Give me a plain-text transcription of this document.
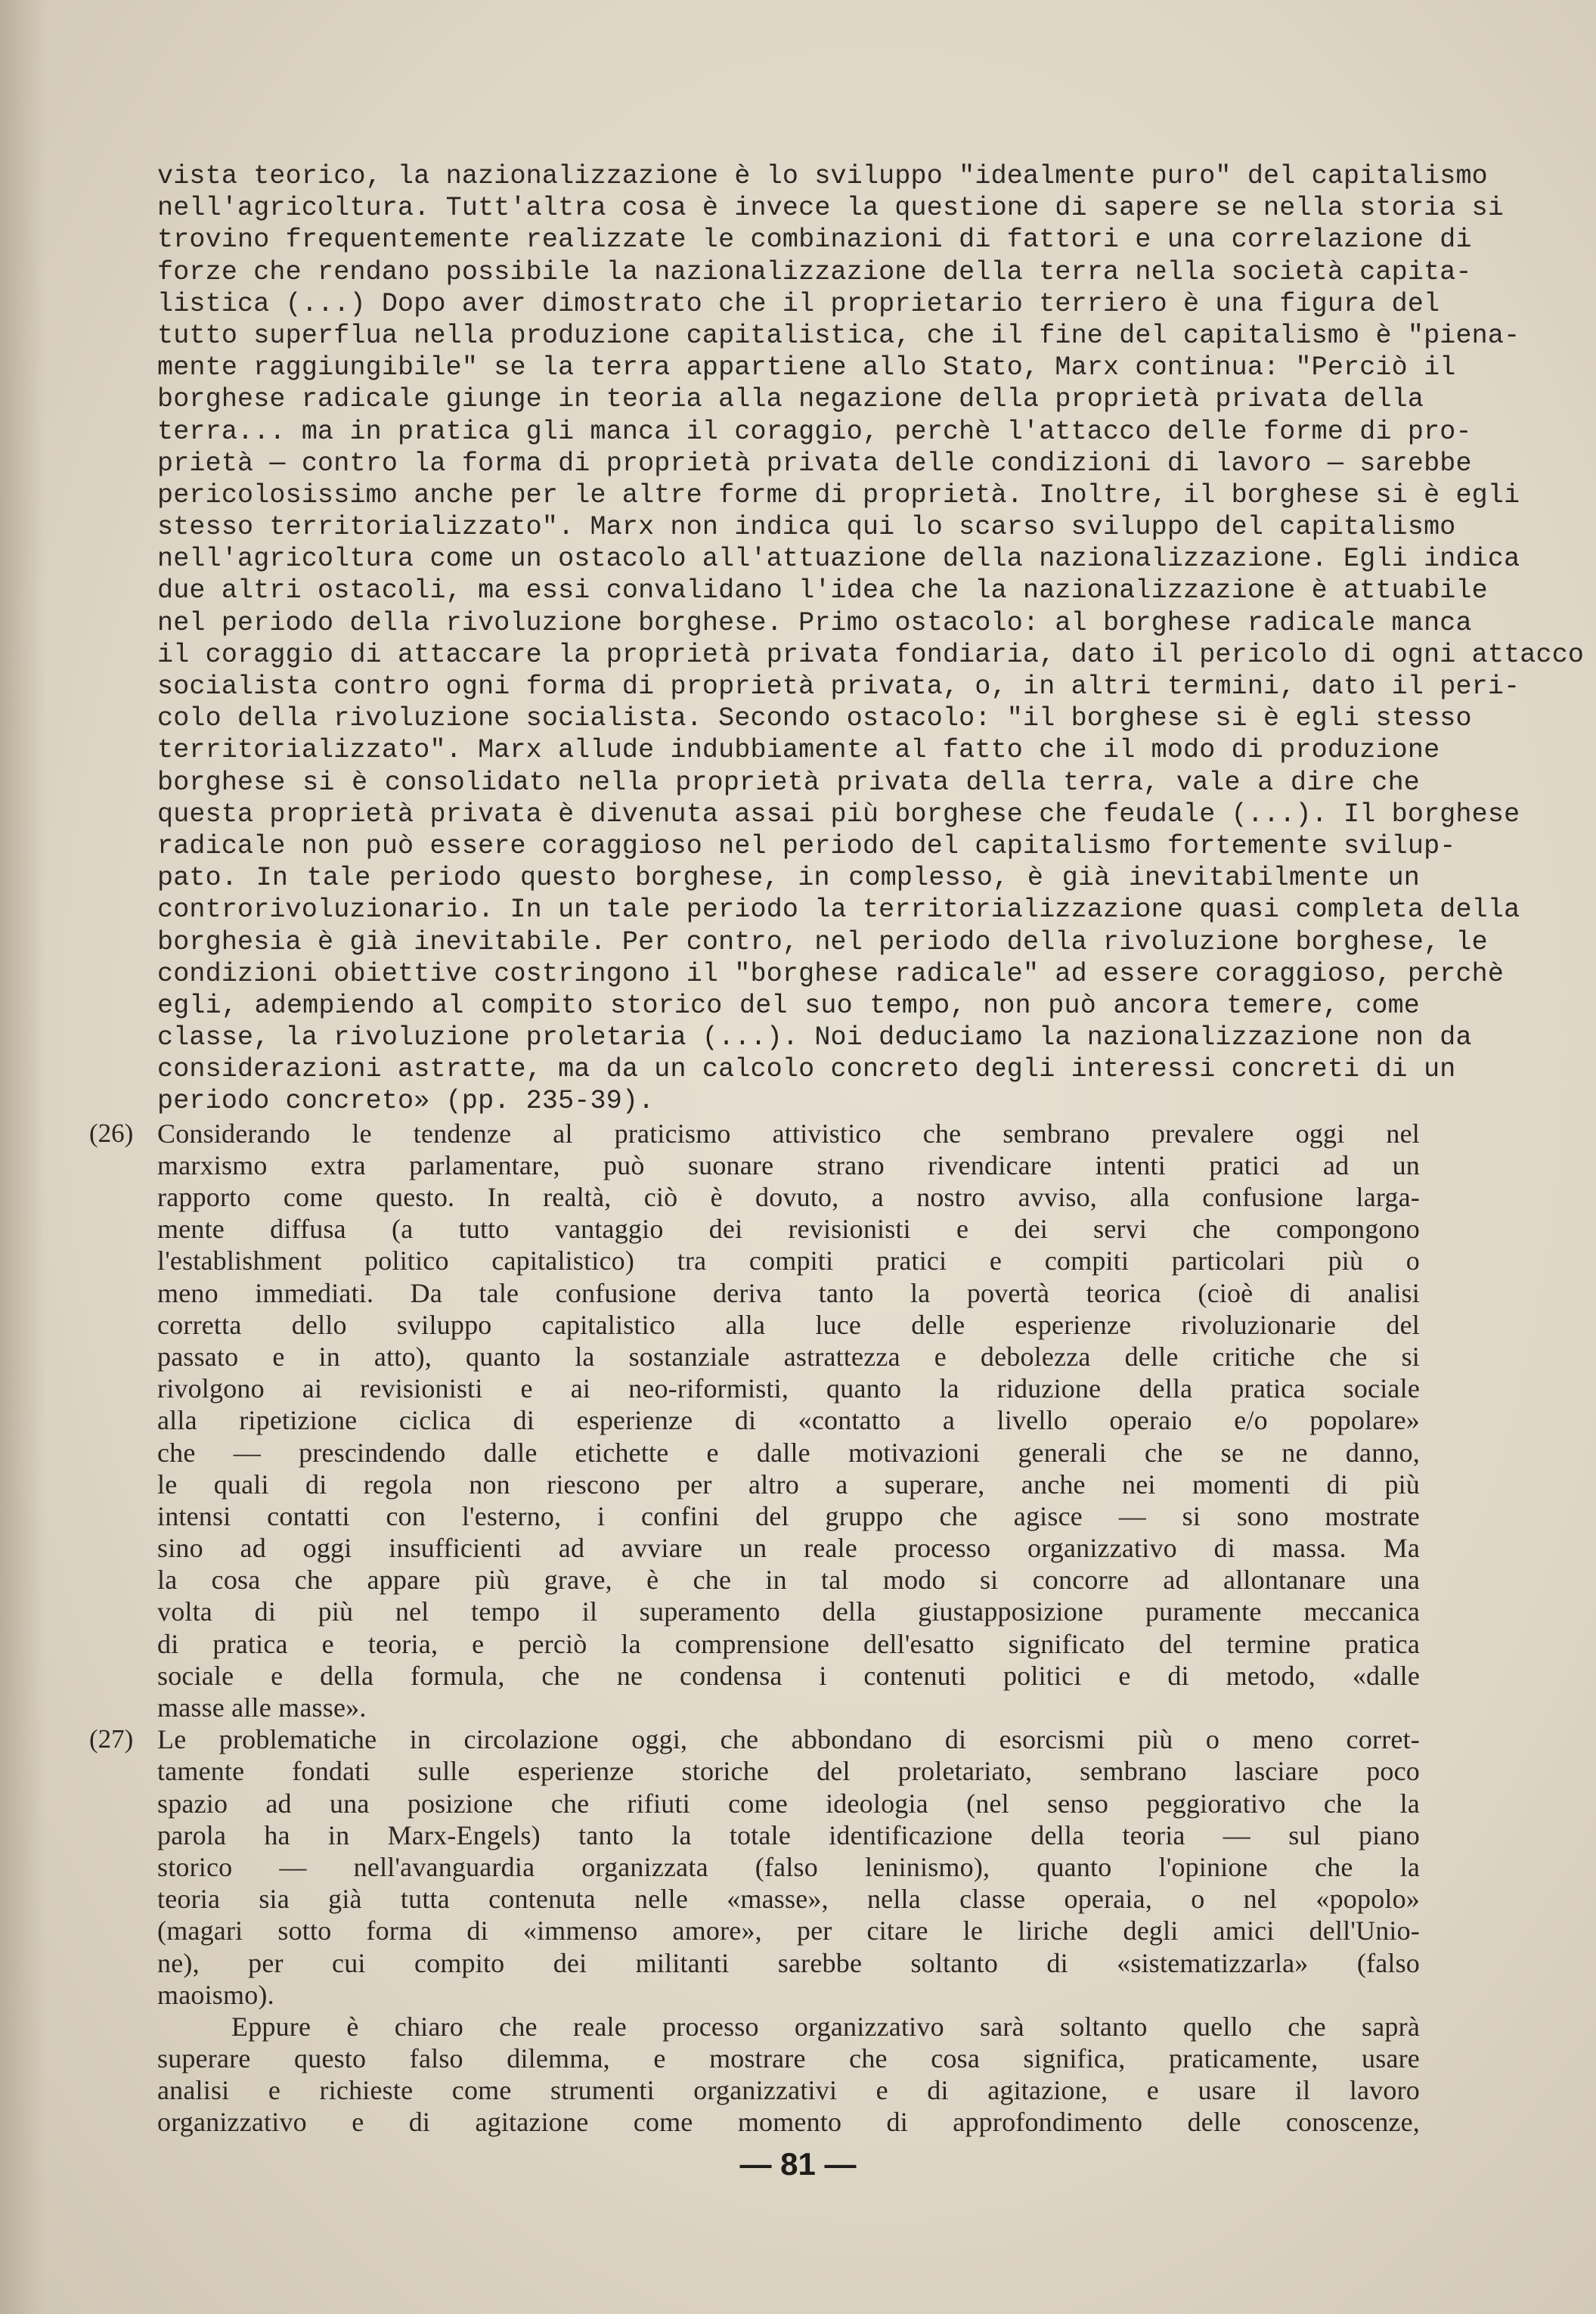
vista teorico, la nazionalizzazione è lo sviluppo "idealmente puro" del capitalismo
nell'agricoltura. Tutt'altra cosa è invece la questione di sapere se nella storia si
trovino frequentemente realizzate le combinazioni di fattori e una correlazione di
forze che rendano possibile la nazionalizzazione della terra nella società capita-
listica (...) Dopo aver dimostrato che il proprietario terriero è una figura del
tutto superflua nella produzione capitalistica, che il fine del capitalismo è "piena-
mente raggiungibile" se la terra appartiene allo Stato, Marx continua: "Perciò il
borghese radicale giunge in teoria alla negazione della proprietà privata della
terra... ma in pratica gli manca il coraggio, perchè l'attacco delle forme di pro-
prietà — contro la forma di proprietà privata delle condizioni di lavoro — sarebbe
pericolosissimo anche per le altre forme di proprietà. Inoltre, il borghese si è egli
stesso territorializzato". Marx non indica qui lo scarso sviluppo del capitalismo
nell'agricoltura come un ostacolo all'attuazione della nazionalizzazione. Egli indica
due altri ostacoli, ma essi convalidano l'idea che la nazionalizzazione è attuabile
nel periodo della rivoluzione borghese. Primo ostacolo: al borghese radicale manca
il coraggio di attaccare la proprietà privata fondiaria, dato il pericolo di ogni attacco
socialista contro ogni forma di proprietà privata, o, in altri termini, dato il peri-
colo della rivoluzione socialista. Secondo ostacolo: "il borghese si è egli stesso
territorializzato". Marx allude indubbiamente al fatto che il modo di produzione
borghese si è consolidato nella proprietà privata della terra, vale a dire che
questa proprietà privata è divenuta assai più borghese che feudale (...). Il borghese
radicale non può essere coraggioso nel periodo del capitalismo fortemente svilup-
pato. In tale periodo questo borghese, in complesso, è già inevitabilmente un
controrivoluzionario. In un tale periodo la territorializzazione quasi completa della
borghesia è già inevitabile. Per contro, nel periodo della rivoluzione borghese, le
condizioni obiettive costringono il "borghese radicale" ad essere coraggioso, perchè
egli, adempiendo al compito storico del suo tempo, non può ancora temere, come
classe, la rivoluzione proletaria (...). Noi deduciamo la nazionalizzazione non da
considerazioni astratte, ma da un calcolo concreto degli interessi concreti di un
periodo concreto» (pp. 235-39).
(26) Considerando le tendenze al praticismo attivistico che sembrano prevalere oggi nel
marxismo extra parlamentare, può suonare strano rivendicare intenti pratici ad un
rapporto come questo. In realtà, ciò è dovuto, a nostro avviso, alla confusione larga-
mente diffusa (a tutto vantaggio dei revisionisti e dei servi che compongono
l'establishment politico capitalistico) tra compiti pratici e compiti particolari più o
meno immediati. Da tale confusione deriva tanto la povertà teorica (cioè di analisi
corretta dello sviluppo capitalistico alla luce delle esperienze rivoluzionarie del
passato e in atto), quanto la sostanziale astrattezza e debolezza delle critiche che si
rivolgono ai revisionisti e ai neo-riformisti, quanto la riduzione della pratica sociale
alla ripetizione ciclica di esperienze di «contatto a livello operaio e/o popolare»
che — prescindendo dalle etichette e dalle motivazioni generali che se ne danno,
le quali di regola non riescono per altro a superare, anche nei momenti di più
intensi contatti con l'esterno, i confini del gruppo che agisce — si sono mostrate
sino ad oggi insufficienti ad avviare un reale processo organizzativo di massa. Ma
la cosa che appare più grave, è che in tal modo si concorre ad allontanare una
volta di più nel tempo il superamento della giustapposizione puramente meccanica
di pratica e teoria, e perciò la comprensione dell'esatto significato del termine pratica
sociale e della formula, che ne condensa i contenuti politici e di metodo, «dalle
masse alle masse».
(27) Le problematiche in circolazione oggi, che abbondano di esorcismi più o meno corret-
tamente fondati sulle esperienze storiche del proletariato, sembrano lasciare poco
spazio ad una posizione che rifiuti come ideologia (nel senso peggiorativo che la
parola ha in Marx-Engels) tanto la totale identificazione della teoria — sul piano
storico — nell'avanguardia organizzata (falso leninismo), quanto l'opinione che la
teoria sia già tutta contenuta nelle «masse», nella classe operaia, o nel «popolo»
(magari sotto forma di «immenso amore», per citare le liriche degli amici dell'Unio-
ne), per cui compito dei militanti sarebbe soltanto di «sistematizzarla» (falso
maoismo).
Eppure è chiaro che reale processo organizzativo sarà soltanto quello che saprà
superare questo falso dilemma, e mostrare che cosa significa, praticamente, usare
analisi e richieste come strumenti organizzativi e di agitazione, e usare il lavoro
organizzativo e di agitazione come momento di approfondimento delle conoscenze,
— 81 —
